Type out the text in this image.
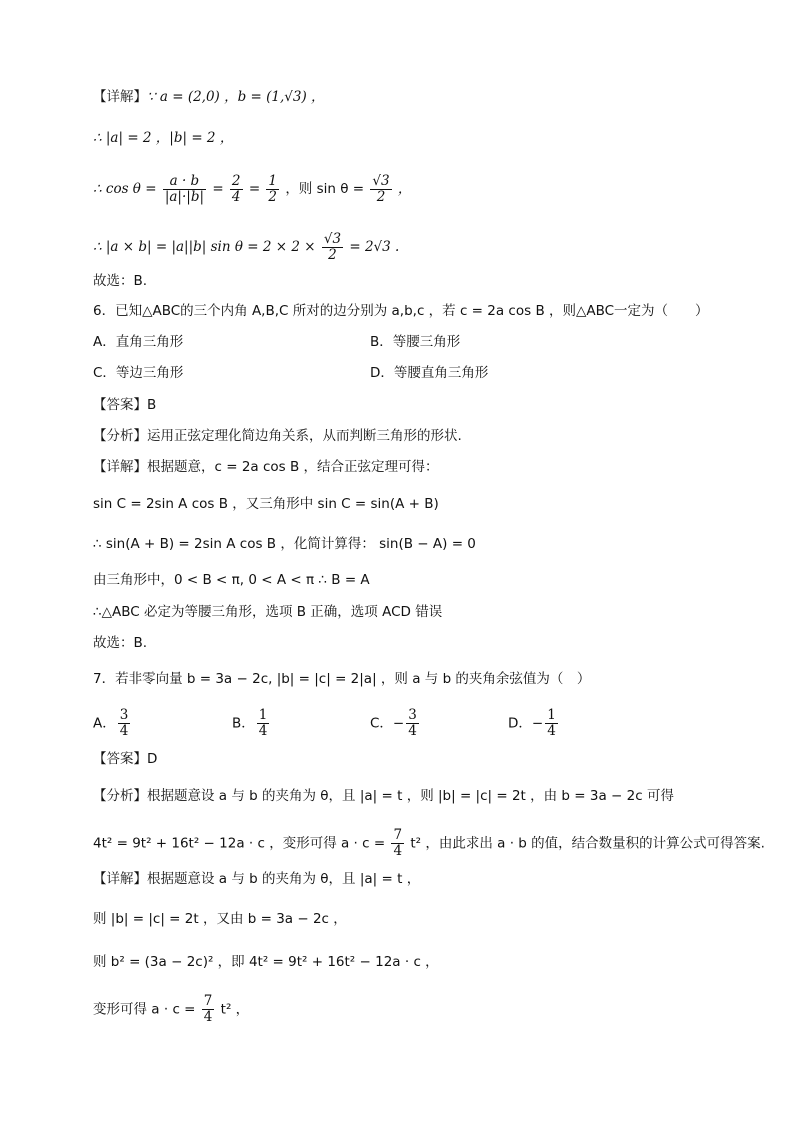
【详解】∵ a = (2,0) ，b = (1,√3) ，
∴ |a| = 2 ，|b| = 2 ，
∴ $\cos \theta = \frac{a \cdot b}{|a|\cdot|b|} = \frac{2}{4} = \frac{1}{2}$ ，则 $\sin \theta = \frac{√3}{2}$ ，
∴ |a × b| = |a||b| $\sin \theta = 2 \times 2 \times \frac{√3}{2} = 2√3$ .
故选：B.
6．已知△ABC的三个内角 A,B,C 所对的边分别为 a,b,c ，若 c = 2a cos B ，则△ABC一定为（　　）
A．直角三角形	B．等腰三角形
C．等边三角形	D．等腰直角三角形
【答案】B
【分析】运用正弦定理化简边角关系，从而判断三角形的形状.
【详解】根据题意，c = 2a cos B ，结合正弦定理可得：
sin C = 2sin A cos B ，又三角形中 sin C = sin(A + B)
∴ sin(A + B) = 2sin A cos B ，化简计算得： sin(B − A) = 0
由三角形中，0 < B < π, 0 < A < π ∴ B = A
∴△ABC 必定为等腰三角形，选项 B 正确，选项 ACD 错误
故选：B.
7．若非零向量 b = 3a − 2c, |b| = |c| = 2|a| ，则 a 与 b 的夹角余弦值为（　）
A． $\frac{3}{4}$	B． $\frac{1}{4}$	C．− $\frac{3}{4}$	D．− $\frac{1}{4}$
【答案】D
【分析】根据题意设 a 与 b 的夹角为 θ，且 |a| = t ，则 |b| = |c| = 2t ，由 b = 3a − 2c 可得
4t² = 9t² + 16t² − 12a · c ，变形可得 $a \cdot c = \frac{7}{4} t^2$ ，由此求出 a · b 的值，结合数量积的计算公式可得答案.
【详解】根据题意设 a 与 b 的夹角为 θ，且 |a| = t ，
则 |b| = |c| = 2t ，又由 b = 3a − 2c ，
则 b² = (3a − 2c)² ，即 4t² = 9t² + 16t² − 12a · c ，
变形可得 $a \cdot c = \frac{7}{4} t^2$ ，
